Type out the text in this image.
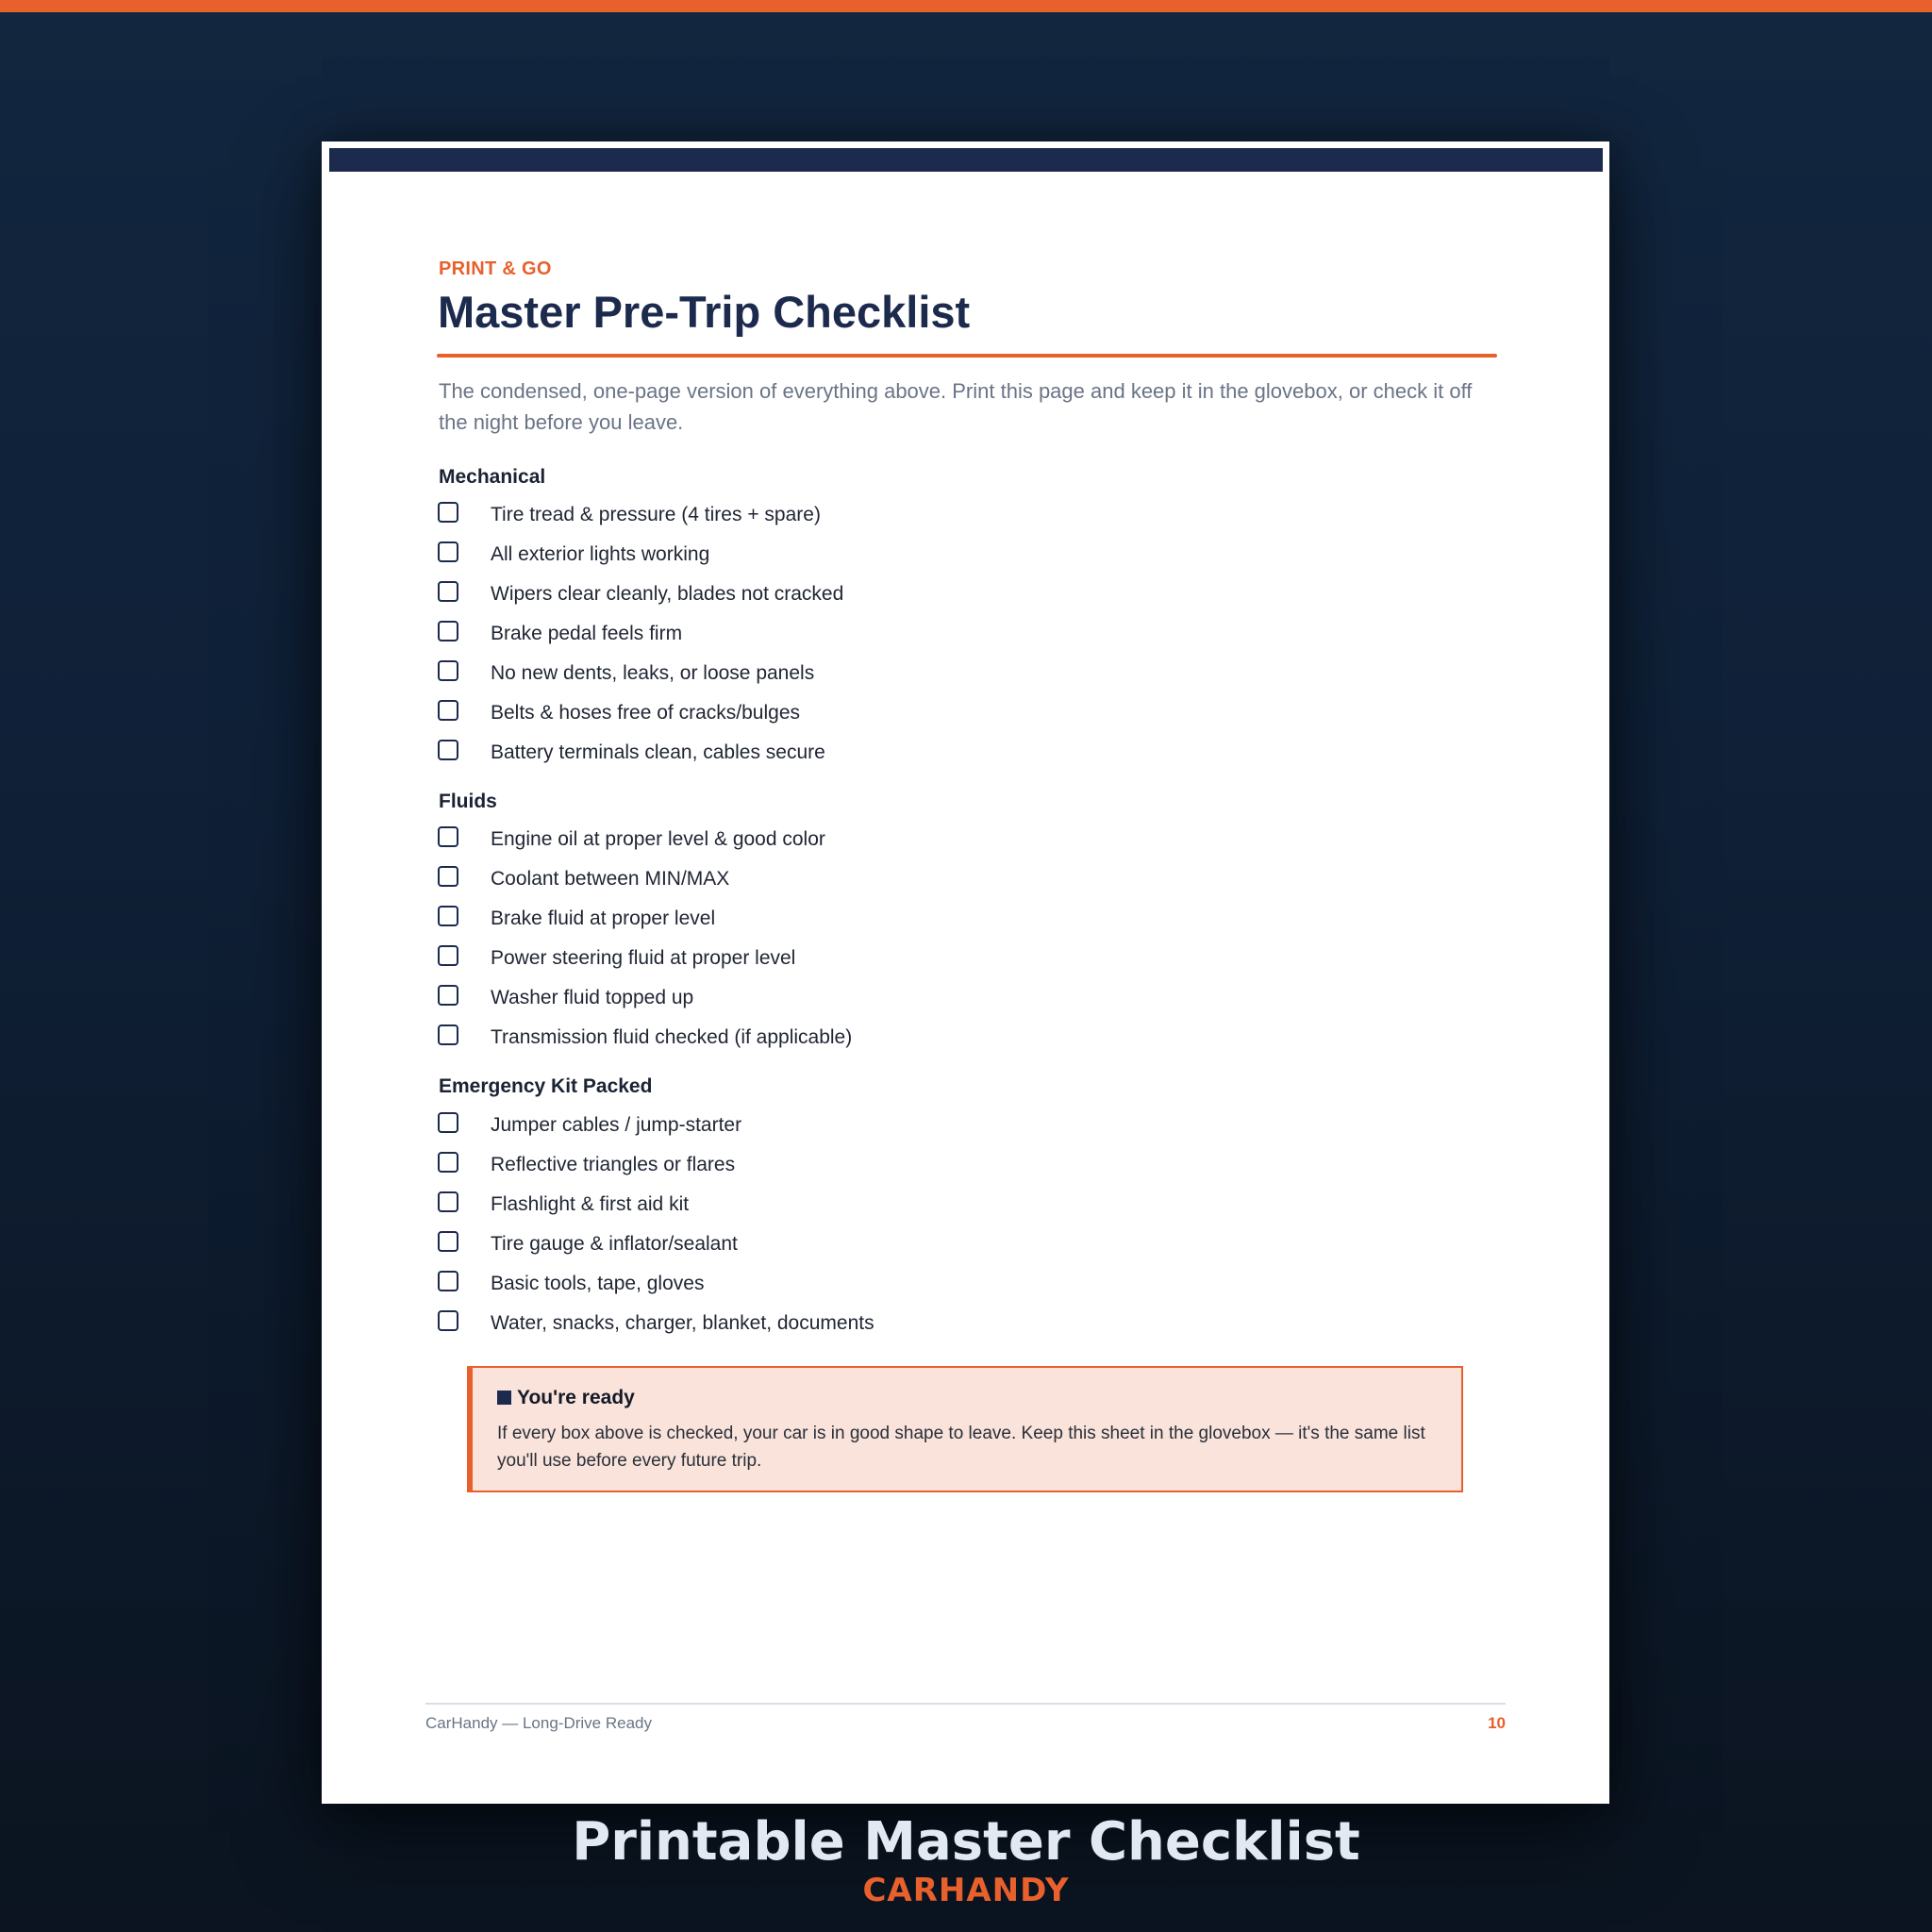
PRINT & GO
Master Pre-Trip Checklist
The condensed, one-page version of everything above. Print this page and keep it in the glovebox, or check it off the night before you leave.
Mechanical
Tire tread & pressure (4 tires + spare)
All exterior lights working
Wipers clear cleanly, blades not cracked
Brake pedal feels firm
No new dents, leaks, or loose panels
Belts & hoses free of cracks/bulges
Battery terminals clean, cables secure
Fluids
Engine oil at proper level & good color
Coolant between MIN/MAX
Brake fluid at proper level
Power steering fluid at proper level
Washer fluid topped up
Transmission fluid checked (if applicable)
Emergency Kit Packed
Jumper cables / jump-starter
Reflective triangles or flares
Flashlight & first aid kit
Tire gauge & inflator/sealant
Basic tools, tape, gloves
Water, snacks, charger, blanket, documents
You're ready
If every box above is checked, your car is in good shape to leave. Keep this sheet in the glovebox — it's the same list you'll use before every future trip.
CarHandy — Long-Drive Ready	10
Printable Master Checklist
CARHANDY
